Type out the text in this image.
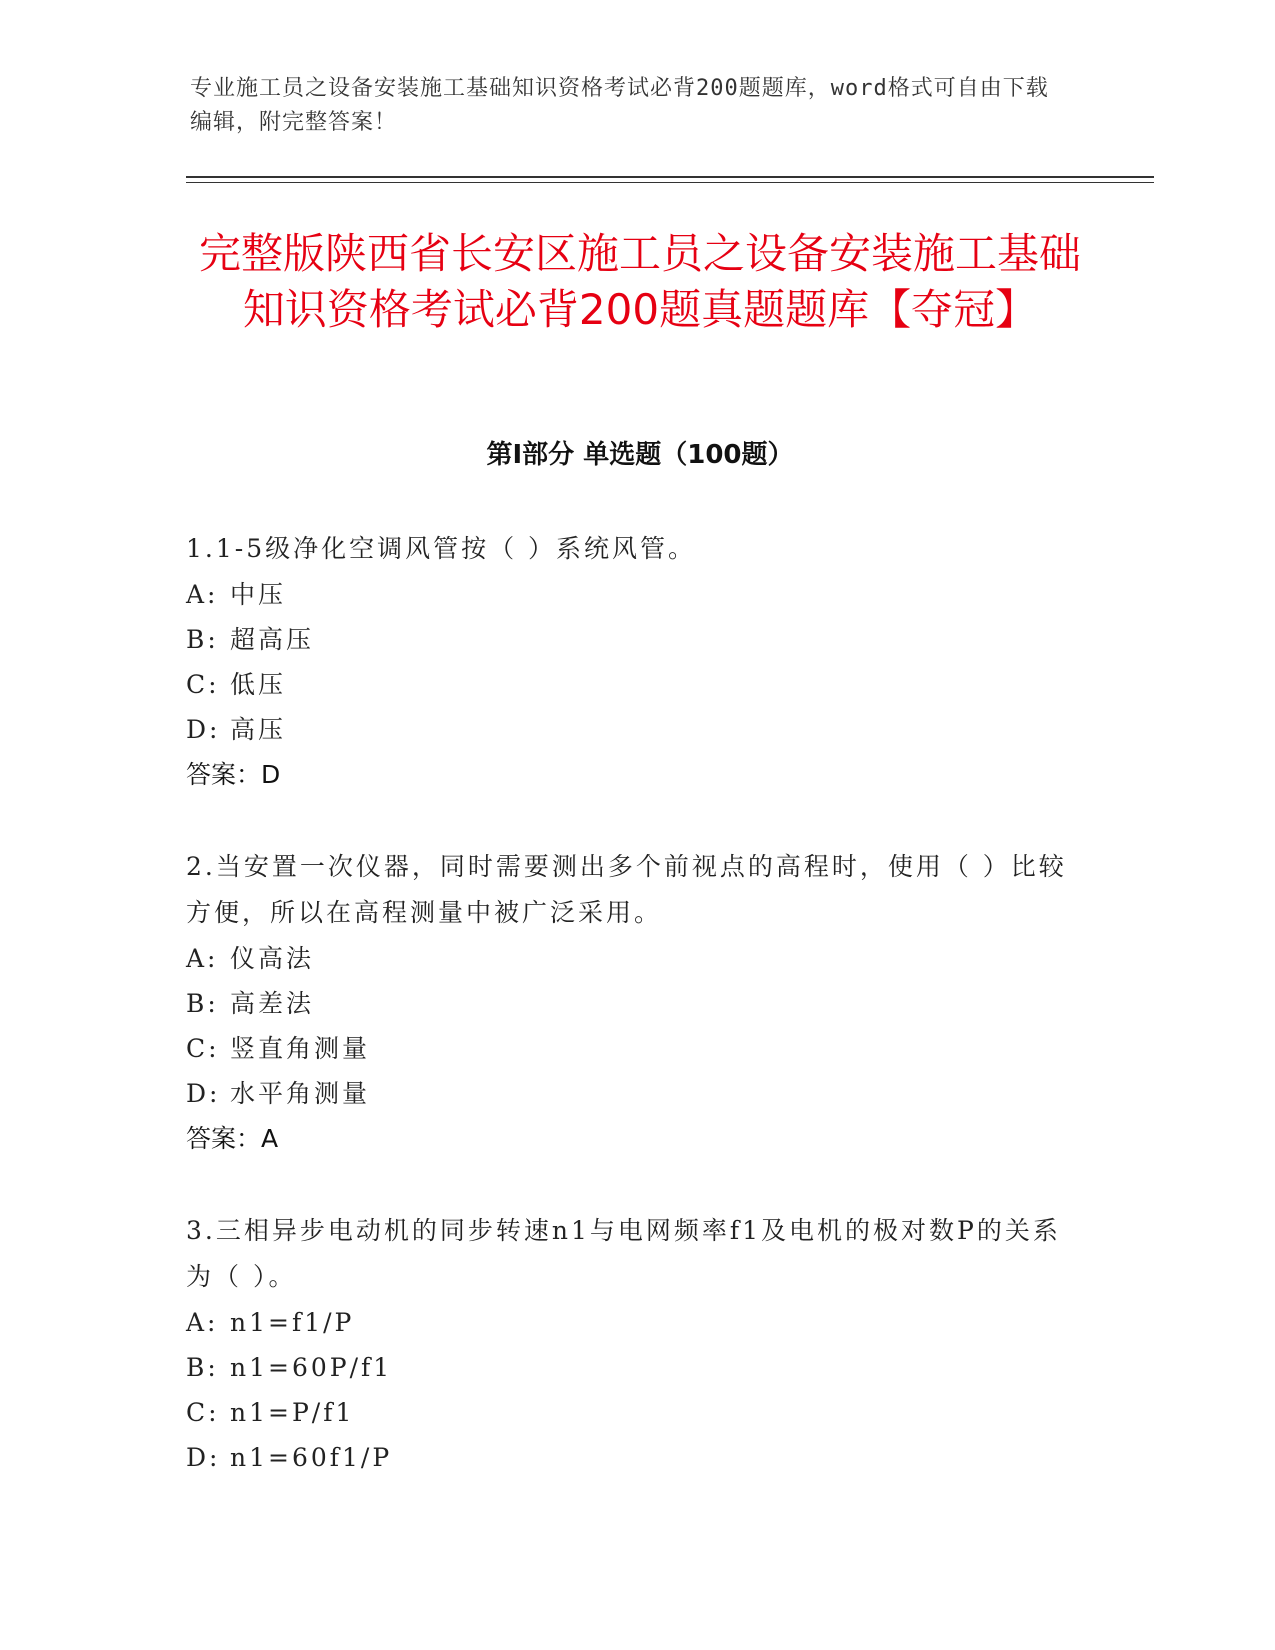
专业施工员之设备安装施工基础知识资格考试必背200题题库，word格式可自由下载编辑，附完整答案！
完整版陕西省长安区施工员之设备安装施工基础知识资格考试必背200题真题题库【夺冠】
第I部分 单选题（100题）
1.1-5级净化空调风管按（ ）系统风管。
A: 中压
B: 超高压
C: 低压
D: 高压
答案：D
2.当安置一次仪器，同时需要测出多个前视点的高程时，使用（ ）比较方便，所以在高程测量中被广泛采用。
A: 仪高法
B: 高差法
C: 竖直角测量
D: 水平角测量
答案：A
3.三相异步电动机的同步转速n1与电网频率f1及电机的极对数P的关系为（ ）。
A: n1=f1/P
B: n1=60P/f1
C: n1=P/f1
D: n1=60f1/P
